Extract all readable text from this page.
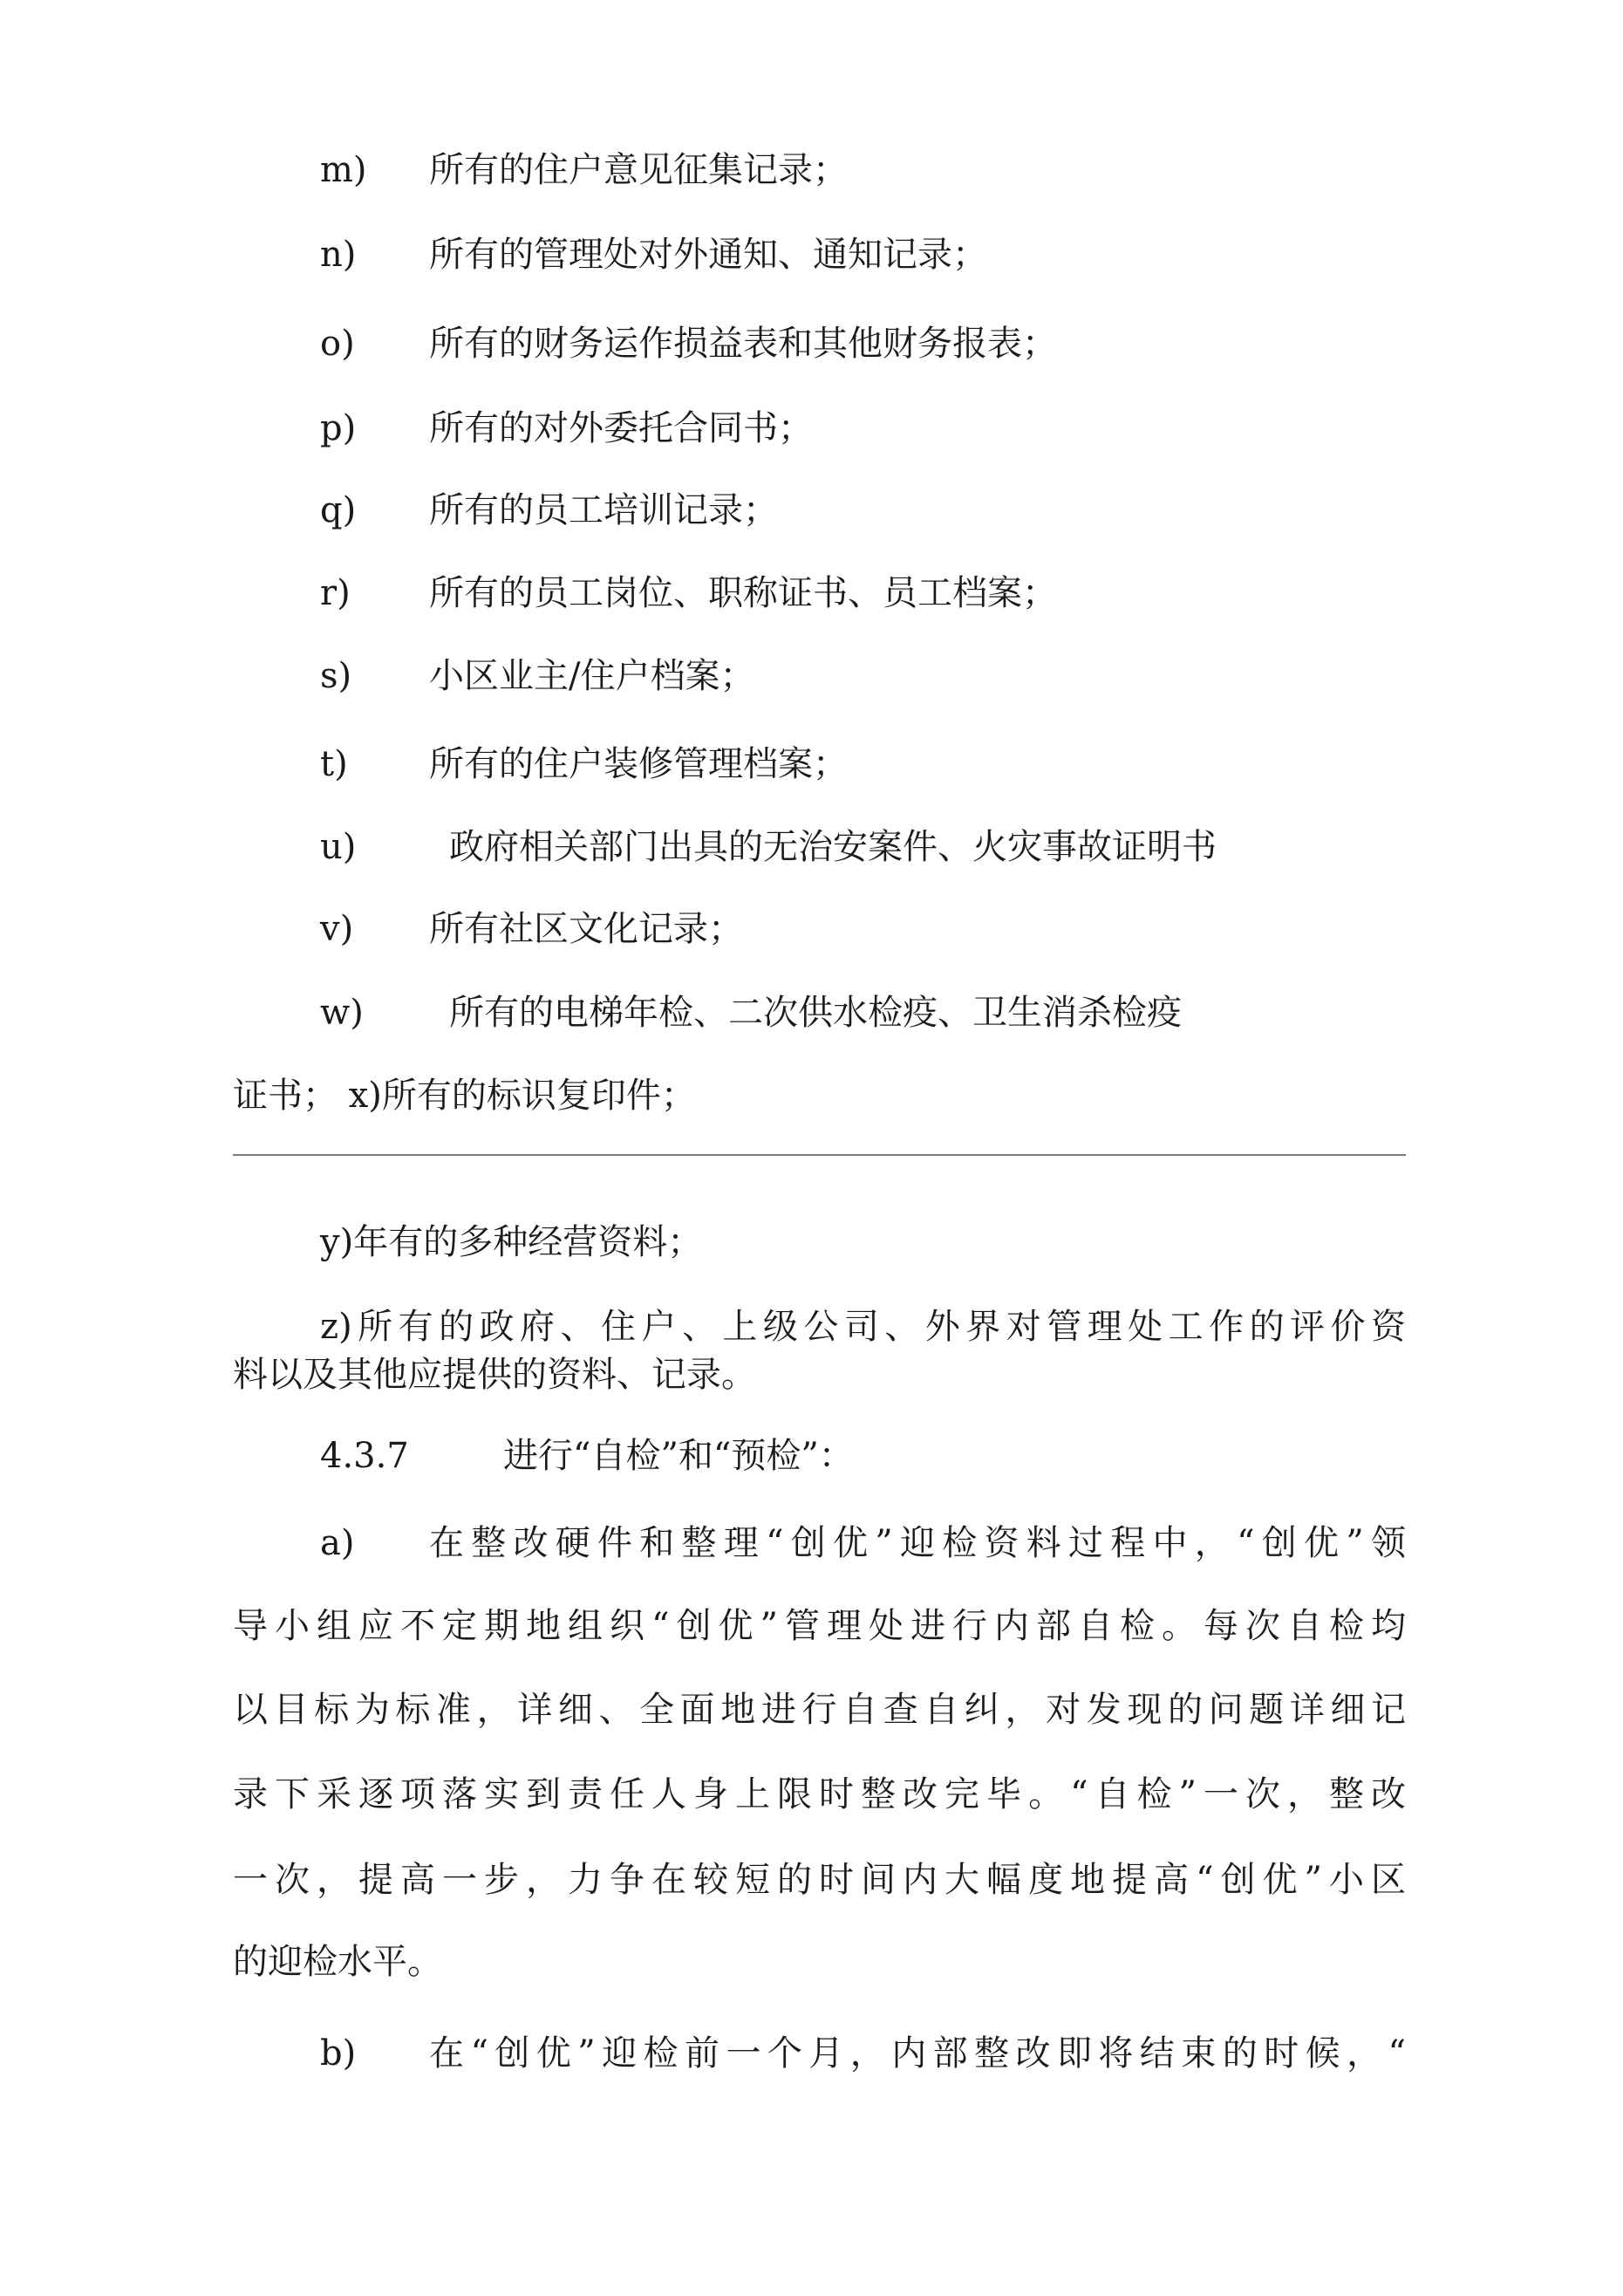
m) 所有的住户意见征集记录；
n) 所有的管理处对外通知、通知记录；
o) 所有的财务运作损益表和其他财务报表；
p) 所有的对外委托合同书；
q) 所有的员工培训记录；
r) 所有的员工岗位、职称证书、员工档案；
s) 小区业主/住户档案；
t) 所有的住户装修管理档案；
u)	政府相关部门出具的无治安案件、火灾事故证明书
v) 所有社区文化记录；
w) 所有的电梯年检、二次供水检疫、卫生消杀检疫
证书； x)所有的标识复印件；
y)年有的多种经营资料；
z)所有的政府、住户、上级公司、外界对管理处工作的评价资
料以及其他应提供的资料、记录。
4.3.7	进行“自检”和“预检”：
a) 在整改硬件和整理“创优”迎检资料过程中，“创优”领
导小组应不定期地组织“创优”管理处进行内部自检。每次自检均
以目标为标准，详细、全面地进行自查自纠，对发现的问题详细记
录下采逐项落实到责任人身上限时整改完毕。“自检”一次，整改
一次，提高一步，力争在较短的时间内大幅度地提高“创优”小区
的迎检水平。
b) 在“创优”迎检前一个月，内部整改即将结束的时候，“
